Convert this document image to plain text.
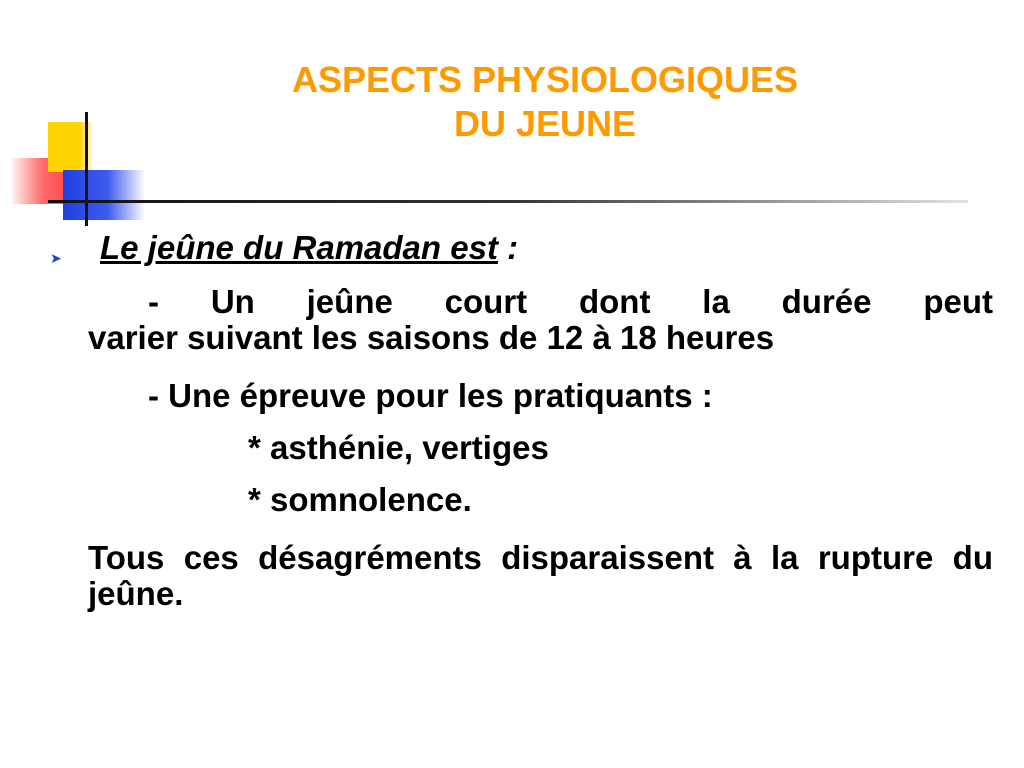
ASPECTS PHYSIOLOGIQUES
DU JEUNE
➤ Le jeûne du Ramadan est :
- Un jeûne court dont la durée peut
varier suivant les saisons de 12 à 18 heures
- Une épreuve pour les pratiquants :
* asthénie, vertiges
* somnolence.
Tous ces désagréments disparaissent à la rupture du jeûne.
